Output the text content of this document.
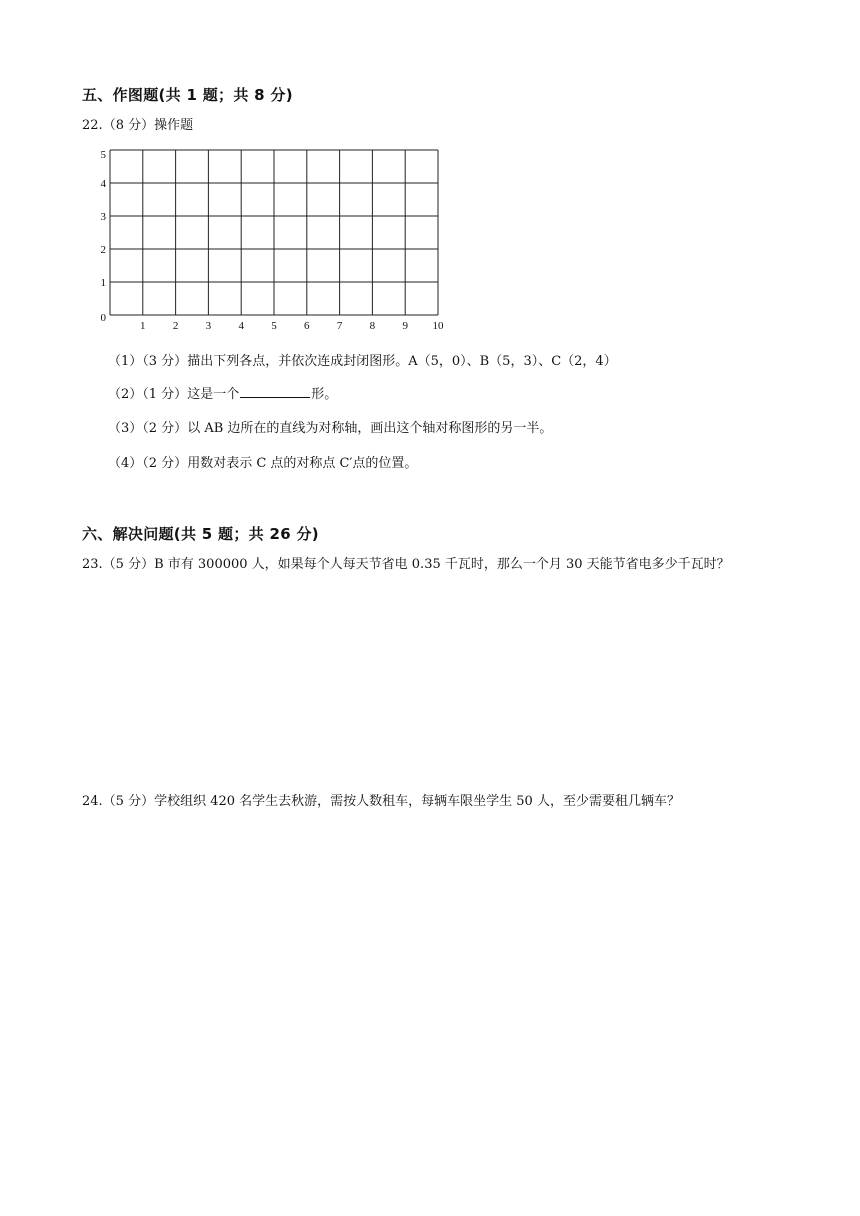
五、作图题(共 1 题；共 8 分)
22.（8 分）操作题
1 2 3 4 5 6 7 8 9 10
0
1
2
3
4
5
（1）（3 分）描出下列各点，并依次连成封闭图形。A（5，0）、B（5，3）、C（2，4）
（2）（1 分）这是一个	形。
（3）（2 分）以 AB 边所在的直线为对称轴，画出这个轴对称图形的另一半。
（4）（2 分）用数对表示 C 点的对称点 C′点的位置。
六、解决问题(共 5 题；共 26 分)
23.（5 分）B 市有 300000 人，如果每个人每天节省电 0.35 千瓦时，那么一个月 30 天能节省电多少千瓦时？
24.（5 分）学校组织 420 名学生去秋游，需按人数租车，每辆车限坐学生 50 人，至少需要租几辆车？
